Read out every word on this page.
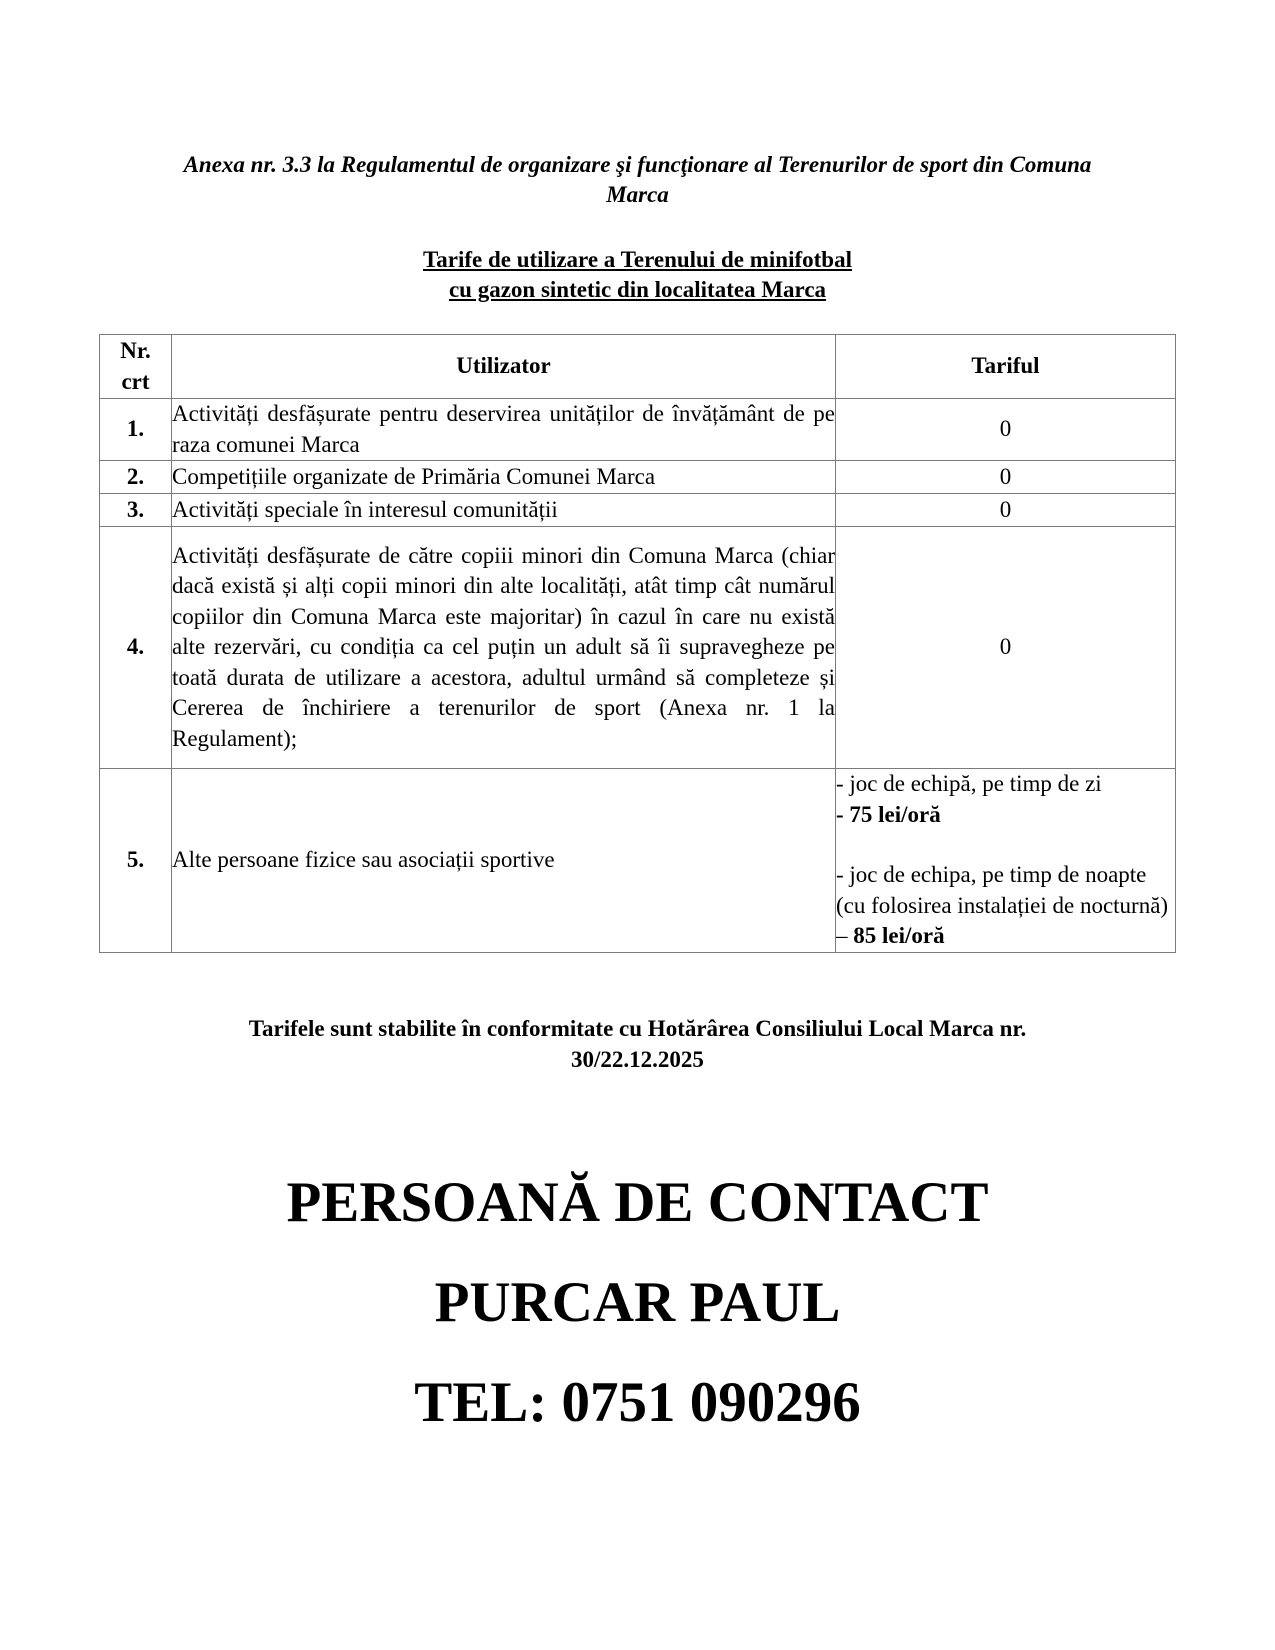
Anexa nr. 3.3 la Regulamentul de organizare şi funcţionare al Terenurilor de sport din Comuna
Marca
Tarife de utilizare a Terenului de minifotbal
cu gazon sintetic din localitatea Marca
Nr.
crt	Utilizator	Tariful
1.	Activități desfășurate pentru deservirea unităților de învățământ de pe raza comunei Marca	0
2.	Competițiile organizate de Primăria Comunei Marca	0
3.	Activități speciale în interesul comunității	0
4.	Activități desfășurate de către copiii minori din Comuna Marca (chiar dacă există și alți copii minori din alte localități, atât timp cât numărul copiilor din Comuna Marca este majoritar) în cazul în care nu există alte rezervări, cu condiția ca cel puțin un adult să îi supravegheze pe toată durata de utilizare a acestora, adultul urmând să completeze și Cererea de închiriere a terenurilor de sport (Anexa nr. 1 la Regulament);	0
5.	Alte persoane fizice sau asociații sportive	- joc de echipă, pe timp de zi
- 75 lei/oră
- joc de echipa, pe timp de noapte (cu folosirea instalației de nocturnă) – 85 lei/oră
Tarifele sunt stabilite în conformitate cu Hotărârea Consiliului Local Marca nr.
30/22.12.2025
PERSOANĂ DE CONTACT
PURCAR PAUL
TEL: 0751 090296
